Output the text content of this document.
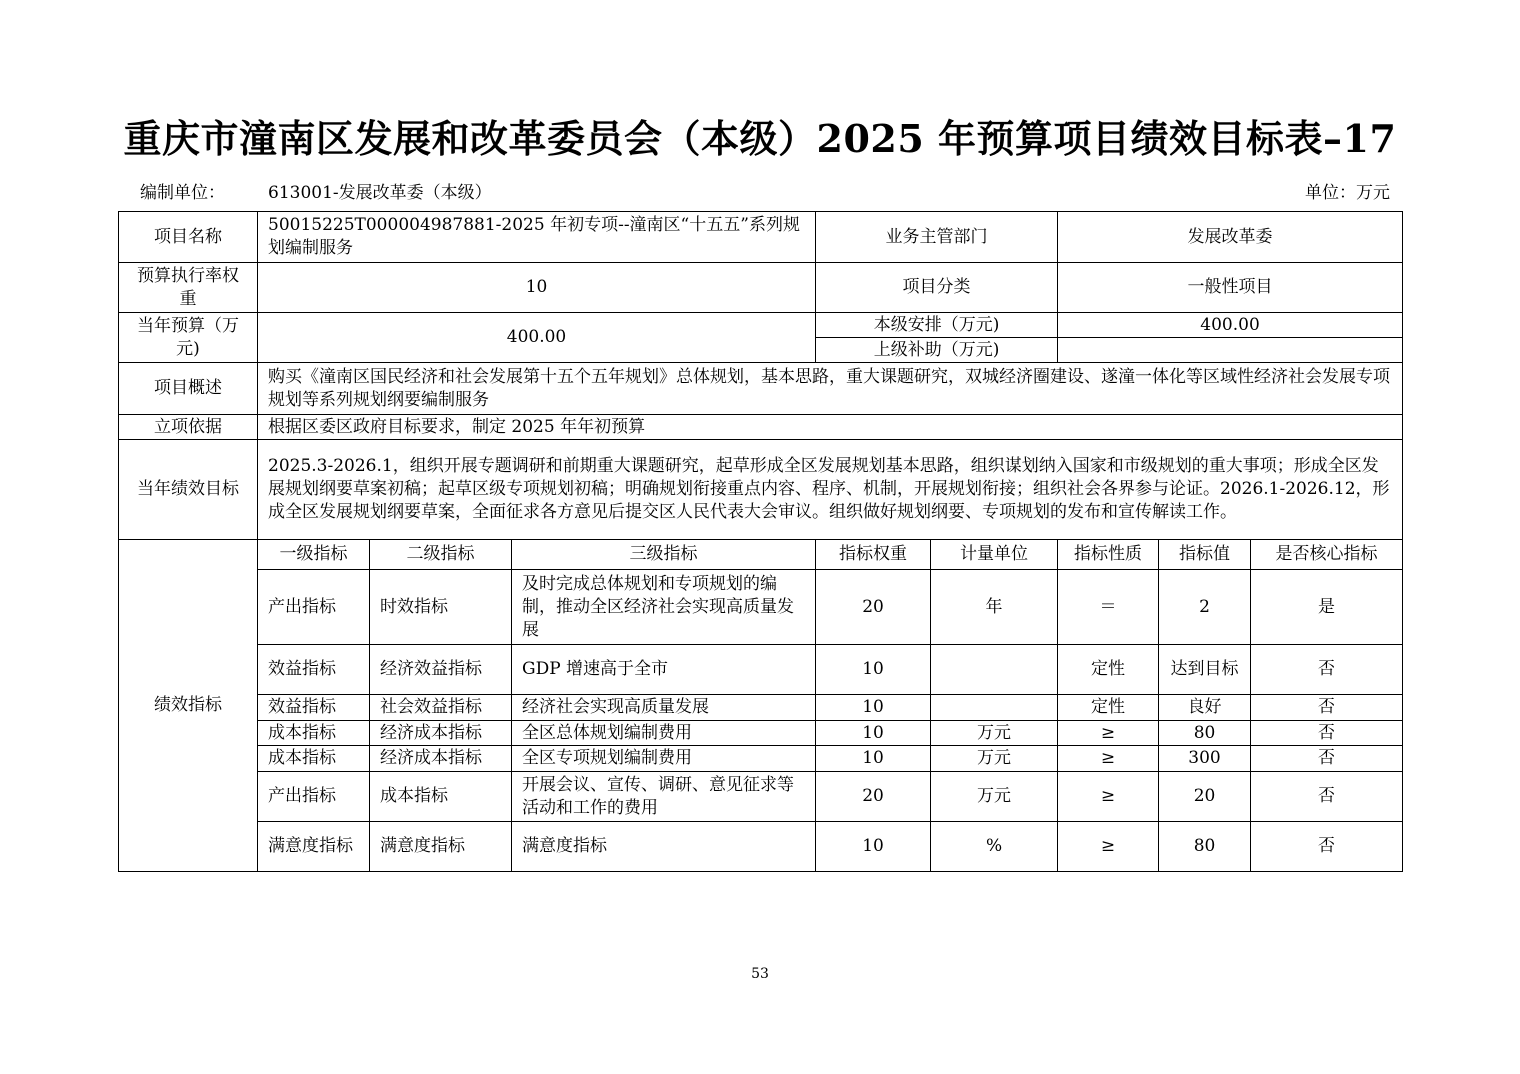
重庆市潼南区发展和改革委员会（本级）2025 年预算项目绩效目标表–17
编制单位：	613001-发展改革委（本级）	单位：万元
项目名称	50015225T000004987881-2025 年初专项--潼南区“十五五”系列规划编制服务			业务主管部门		发展改革委		
预算执行率权重	10			项目分类		一般性项目		
当年预算（万元)	400.00			本级安排（万元)		400.00		
				上级补助（万元)				
项目概述	购买《潼南区国民经济和社会发展第十五个五年规划》总体规划，基本思路，重大课题研究，双城经济圈建设、遂潼一体化等区域性经济社会发展专项规划等系列规划纲要编制服务							
立项依据	根据区委区政府目标要求，制定 2025 年年初预算							
当年绩效目标	2025.3-2026.1，组织开展专题调研和前期重大课题研究，起草形成全区发展规划基本思路，组织谋划纳入国家和市级规划的重大事项；形成全区发展规划纲要草案初稿；起草区级专项规划初稿；明确规划衔接重点内容、程序、机制，开展规划衔接；组织社会各界参与论证。2026.1-2026.12，形成全区发展规划纲要草案，全面征求各方意见后提交区人民代表大会审议。组织做好规划纲要、专项规划的发布和宣传解读工作。							
绩效指标	一级指标	二级指标	三级指标	指标权重	计量单位	指标性质	指标值	是否核心指标
	产出指标	时效指标	及时完成总体规划和专项规划的编制，推动全区经济社会实现高质量发展	20	年	＝	2	是
	效益指标	经济效益指标	GDP 增速高于全市	10		定性	达到目标	否
	效益指标	社会效益指标	经济社会实现高质量发展	10		定性	良好	否
	成本指标	经济成本指标	全区总体规划编制费用	10	万元	≥	80	否
	成本指标	经济成本指标	全区专项规划编制费用	10	万元	≥	300	否
	产出指标	成本指标	开展会议、宣传、调研、意见征求等活动和工作的费用	20	万元	≥	20	否
	满意度指标	满意度指标	满意度指标	10	%	≥	80	否
53
